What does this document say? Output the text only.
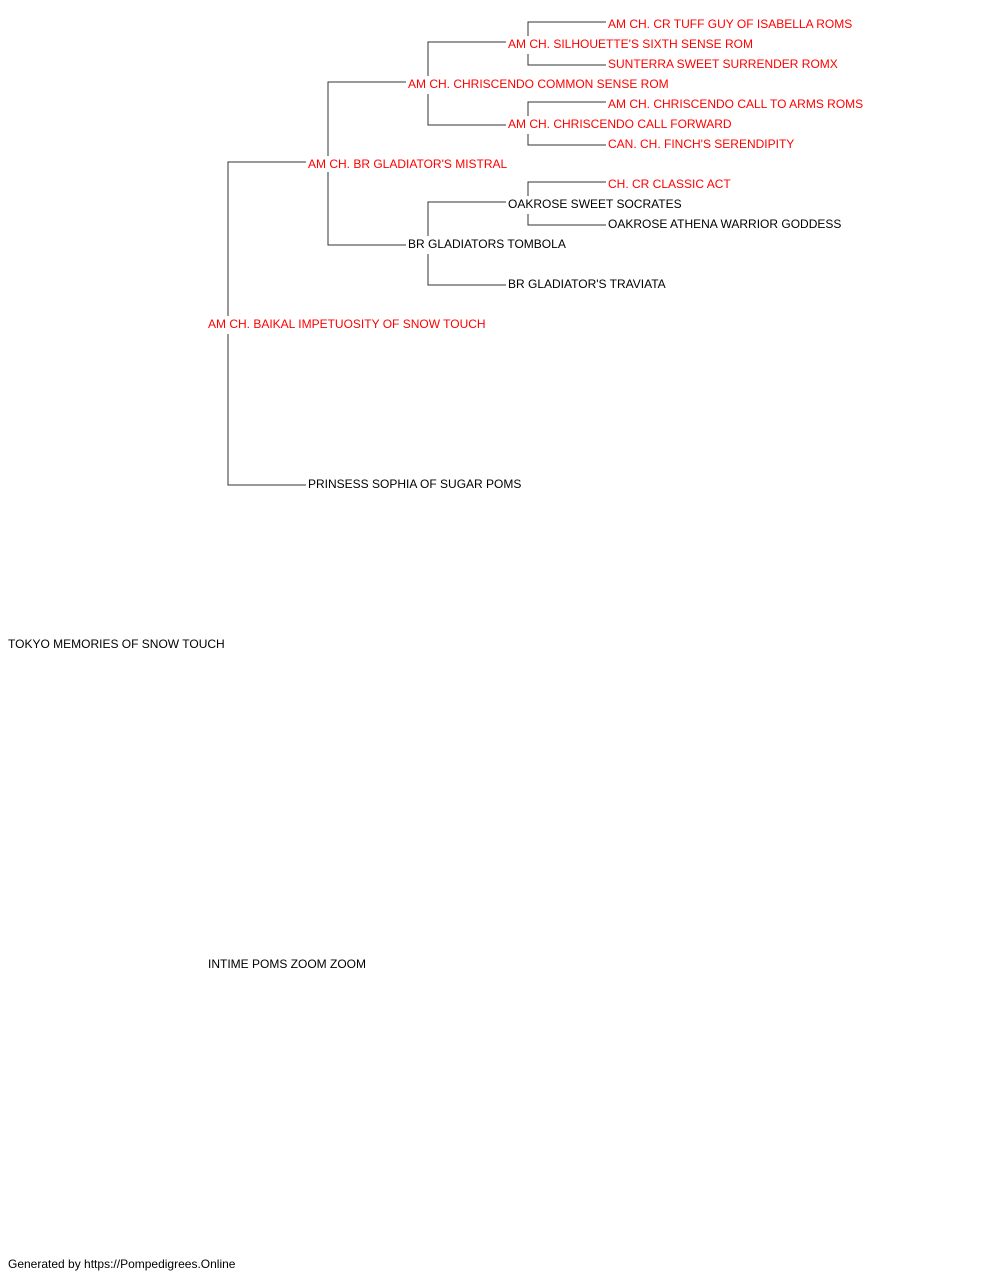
TOKYO MEMORIES OF SNOW TOUCH
AM CH. BAIKAL IMPETUOSITY OF SNOW TOUCH
INTIME POMS ZOOM ZOOM
AM CH. BR GLADIATOR'S MISTRAL
PRINSESS SOPHIA OF SUGAR POMS
AM CH. CHRISCENDO COMMON SENSE ROM
BR GLADIATORS TOMBOLA
AM CH. SILHOUETTE'S SIXTH SENSE ROM
AM CH. CHRISCENDO CALL FORWARD
OAKROSE SWEET SOCRATES
BR GLADIATOR'S TRAVIATA
AM CH. CR TUFF GUY OF ISABELLA ROMS
SUNTERRA SWEET SURRENDER ROMX
AM CH. CHRISCENDO CALL TO ARMS ROMS
CAN. CH. FINCH'S SERENDIPITY
CH. CR CLASSIC ACT
OAKROSE ATHENA WARRIOR GODDESS
Generated by https://Pompedigrees.Online
